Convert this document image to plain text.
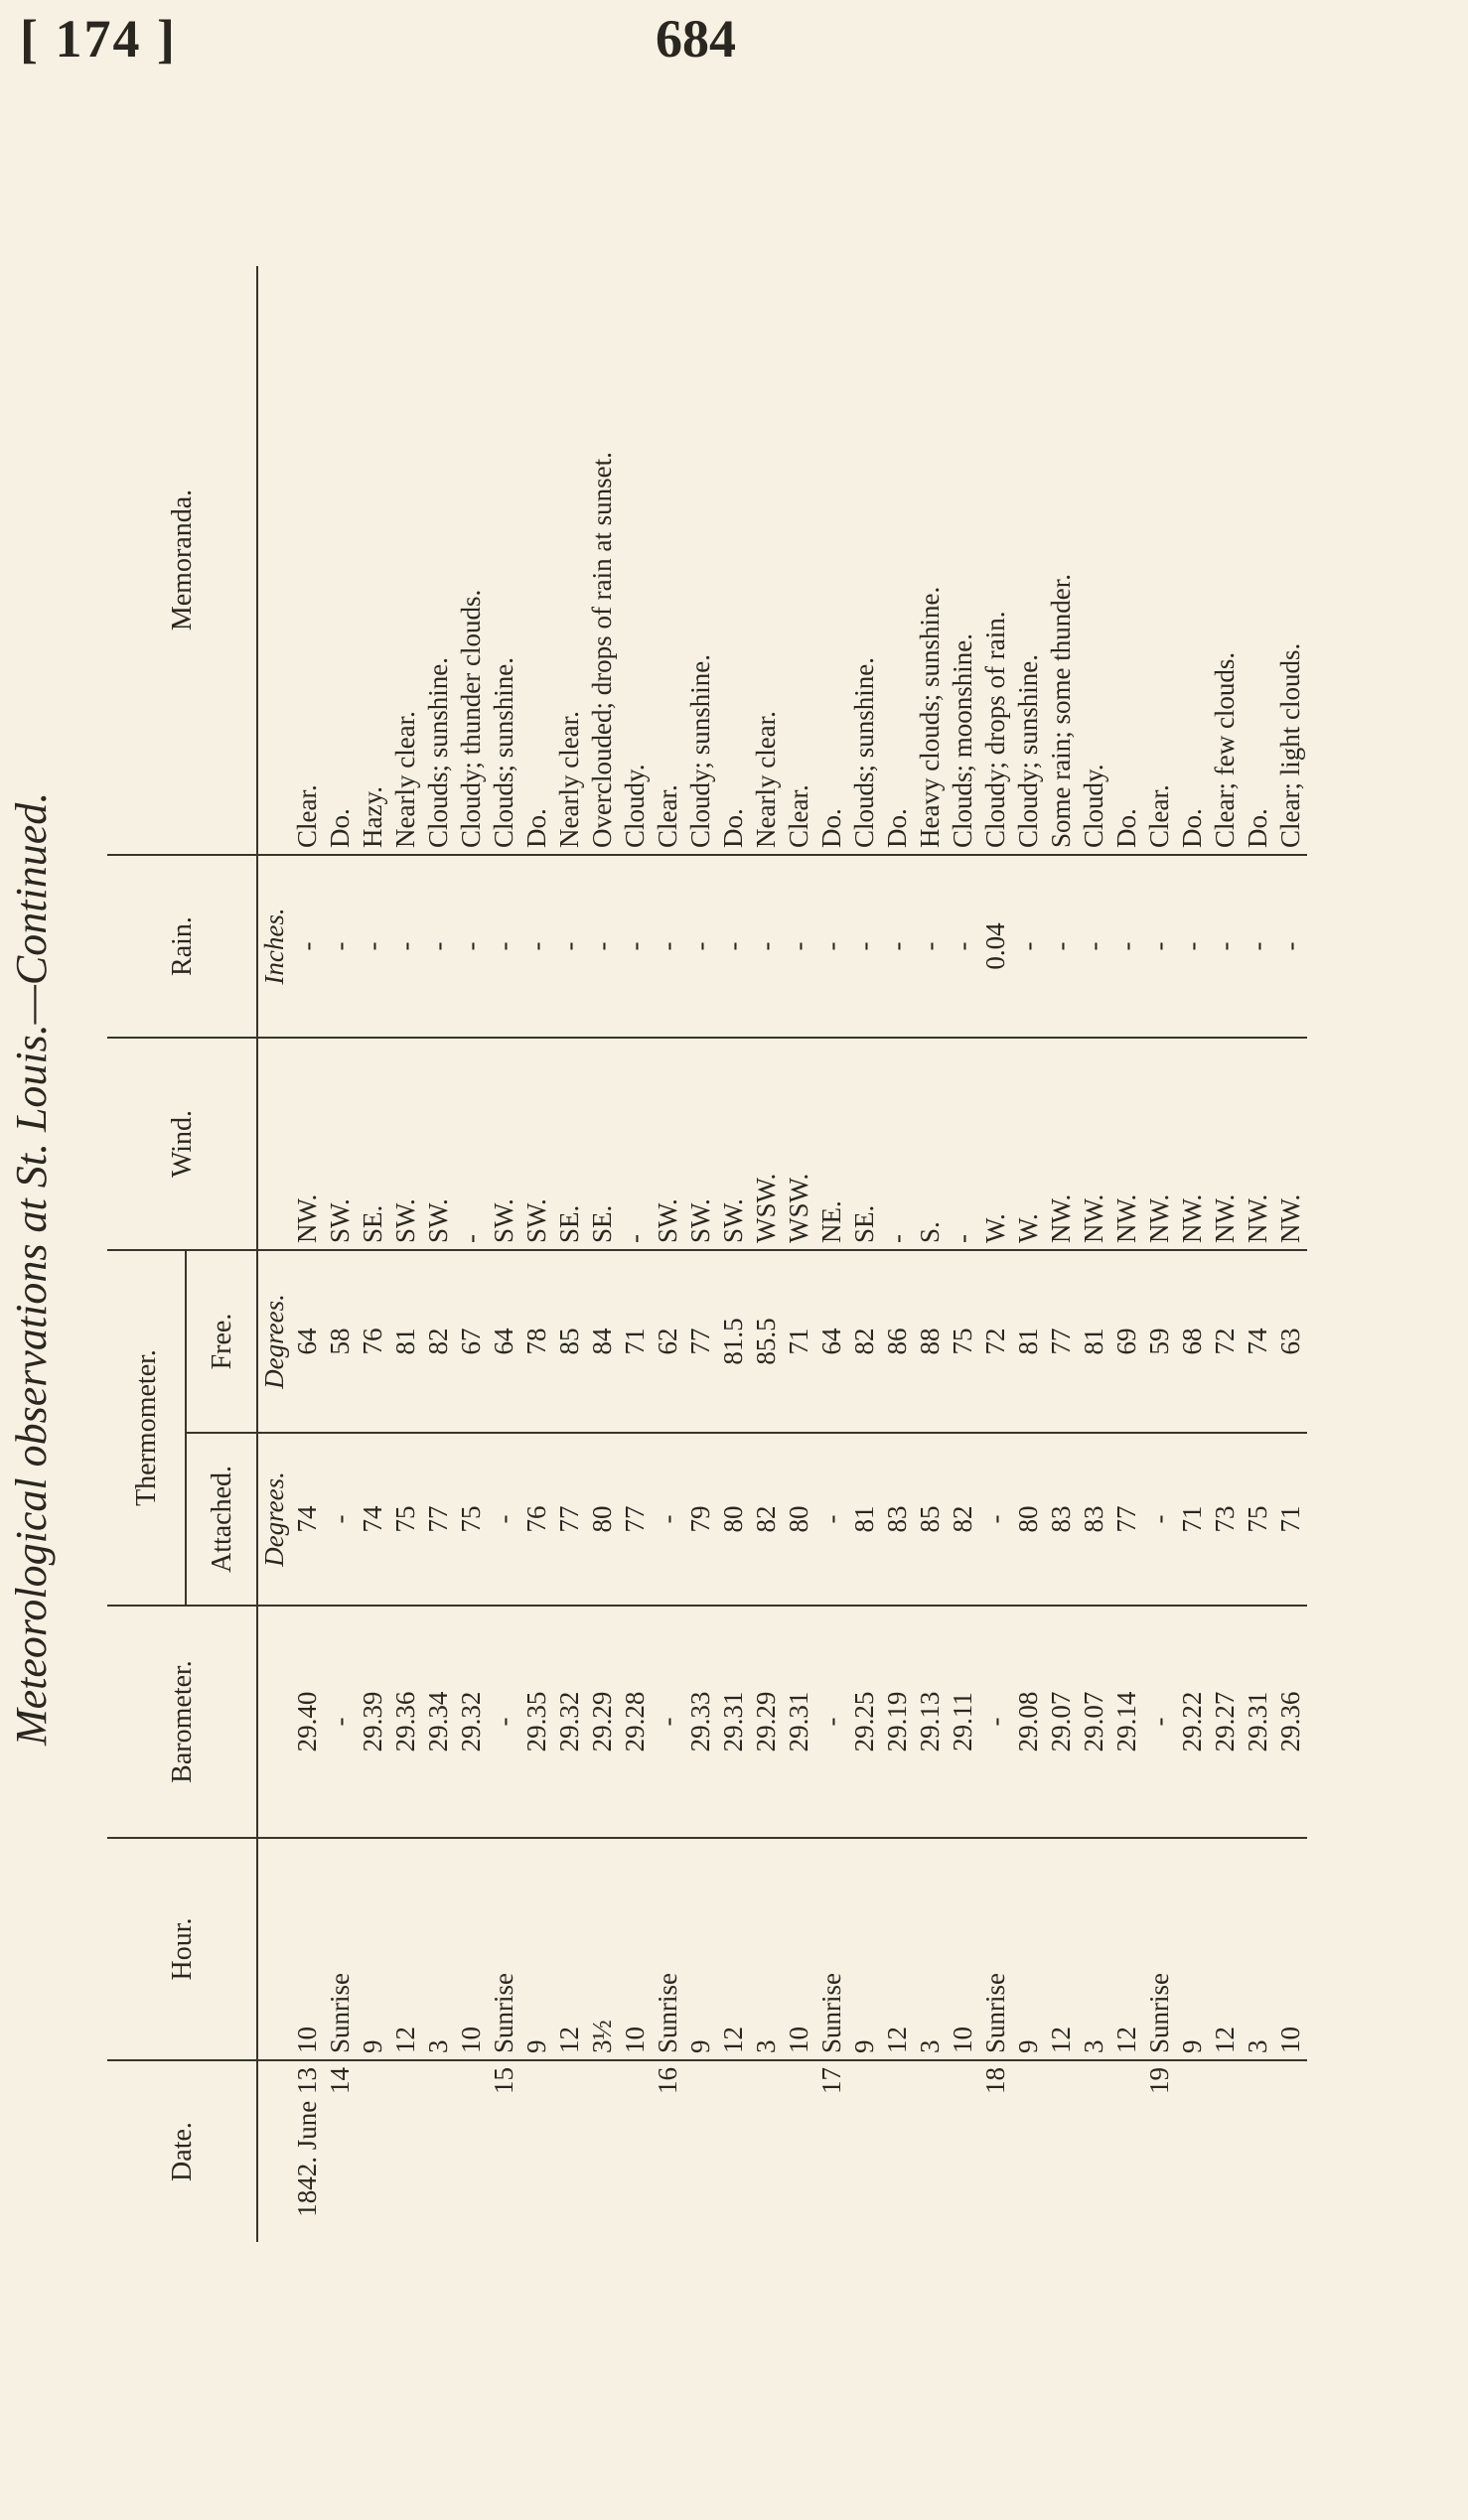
[ 174 ]	684
Meteorological observations at St. Louis.—Continued.
Date.	Hour.	Barometer.	Thermometer.		Wind.	Rain.	Memoranda.
			Attached.	Free.			
			Degrees.	Degrees.		Inches.	
1842. June 13	10	29.40	74	64	NW.	-	Clear.
14	Sunrise	-	-	58	SW.	-	Do.
	9	29.39	74	76	SE.	-	Hazy.
	12	29.36	75	81	SW.	-	Nearly clear.
	3	29.34	77	82	SW.	-	Clouds; sunshine.
	10	29.32	75	67	-	-	Cloudy; thunder clouds.
15	Sunrise	-	-	64	SW.	-	Clouds; sunshine.
	9	29.35	76	78	SW.	-	Do.
	12	29.32	77	85	SE.	-	Nearly clear.
	3½	29.29	80	84	SE.	-	Overclouded; drops of rain at sunset.
	10	29.28	77	71	-	-	Cloudy.
16	Sunrise	-	-	62	SW.	-	Clear.
	9	29.33	79	77	SW.	-	Cloudy; sunshine.
	12	29.31	80	81.5	SW.	-	Do.
	3	29.29	82	85.5	WSW.	-	Nearly clear.
	10	29.31	80	71	WSW.	-	Clear.
17	Sunrise	-	-	64	NE.	-	Do.
	9	29.25	81	82	SE.	-	Clouds; sunshine.
	12	29.19	83	86	-	-	Do.
	3	29.13	85	88	S.	-	Heavy clouds; sunshine.
	10	29.11	82	75	-	-	Clouds; moonshine.
18	Sunrise	-	-	72	W.	0.04	Cloudy; drops of rain.
	9	29.08	80	81	W.	-	Cloudy; sunshine.
	12	29.07	83	77	NW.	-	Some rain; some thunder.
	3	29.07	83	81	NW.	-	Cloudy.
	12	29.14	77	69	NW.	-	Do.
19	Sunrise	-	-	59	NW.	-	Clear.
	9	29.22	71	68	NW.	-	Do.
	12	29.27	73	72	NW.	-	Clear; few clouds.
	3	29.31	75	74	NW.	-	Do.
	10	29.36	71	63	NW.	-	Clear; light clouds.
